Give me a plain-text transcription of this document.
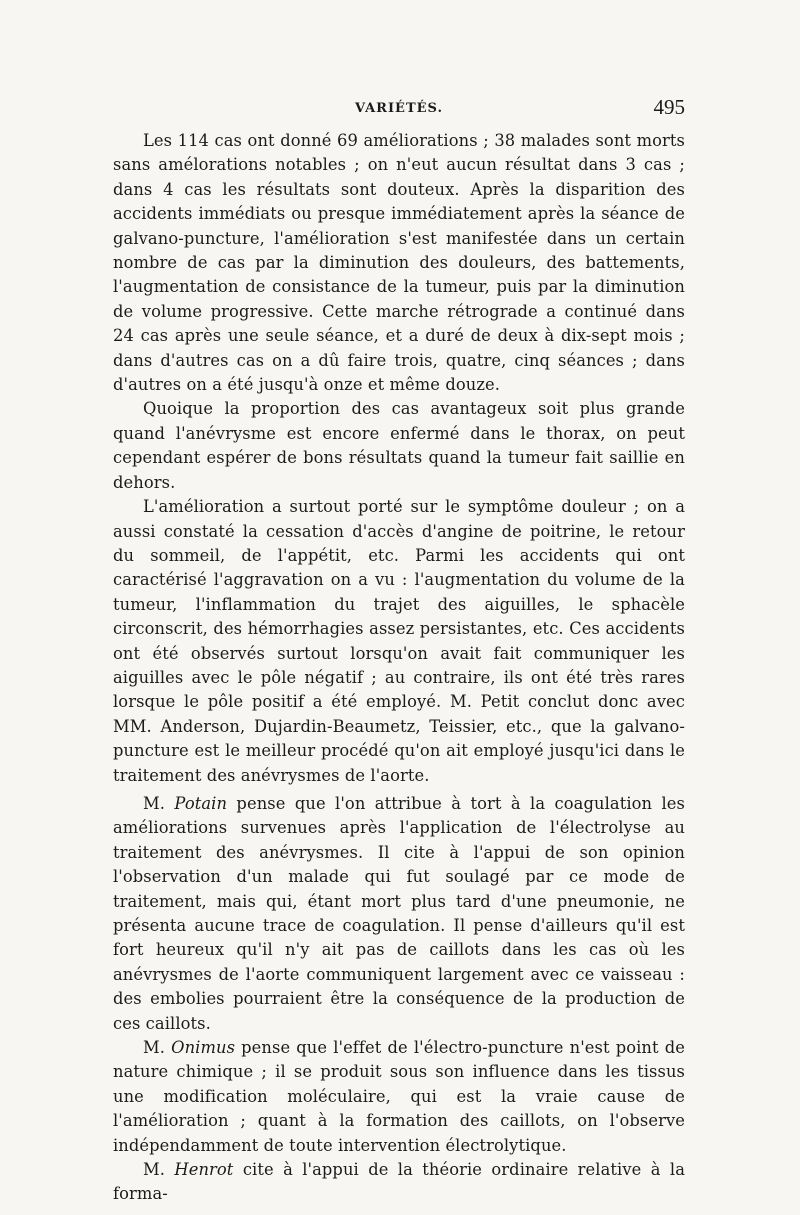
VARIÉTÉS.	495

Les 114 cas ont donné 69 améliorations ; 38 malades sont morts sans amélorations notables ; on n'eut aucun résultat dans 3 cas ; dans 4 cas les résultats sont douteux. Après la disparition des accidents immédiats ou presque immédiatement après la séance de galvano-puncture, l'amélioration s'est manifestée dans un certain nombre de cas par la diminution des douleurs, des battements, l'augmentation de consistance de la tumeur, puis par la diminution de volume progressive. Cette marche rétrograde a continué dans 24 cas après une seule séance, et a duré de deux à dix-sept mois ; dans d'autres cas on a dû faire trois, quatre, cinq séances ; dans d'autres on a été jusqu'à onze et même douze.

Quoique la proportion des cas avantageux soit plus grande quand l'anévrysme est encore enfermé dans le thorax, on peut cependant espérer de bons résultats quand la tumeur fait saillie en dehors.

L'amélioration a surtout porté sur le symptôme douleur ; on a aussi constaté la cessation d'accès d'angine de poitrine, le retour du sommeil, de l'appétit, etc. Parmi les accidents qui ont caractérisé l'aggravation on a vu : l'augmentation du volume de la tumeur, l'inflammation du trajet des aiguilles, le sphacèle circonscrit, des hémorrhagies assez persistantes, etc. Ces accidents ont été observés surtout lorsqu'on avait fait communiquer les aiguilles avec le pôle négatif ; au contraire, ils ont été très rares lorsque le pôle positif a été employé. M. Petit conclut donc avec MM. Anderson, Dujardin-Beaumetz, Teissier, etc., que la galvano-puncture est le meilleur procédé qu'on ait employé jusqu'ici dans le traitement des anévrysmes de l'aorte.

M. Potain pense que l'on attribue à tort à la coagulation les améliorations survenues après l'application de l'électrolyse au traitement des anévrysmes. Il cite à l'appui de son opinion l'observation d'un malade qui fut soulagé par ce mode de traitement, mais qui, étant mort plus tard d'une pneumonie, ne présenta aucune trace de coagulation. Il pense d'ailleurs qu'il est fort heureux qu'il n'y ait pas de caillots dans les cas où les anévrysmes de l'aorte communiquent largement avec ce vaisseau : des embolies pourraient être la conséquence de la production de ces caillots.

M. Onimus pense que l'effet de l'électro-puncture n'est point de nature chimique ; il se produit sous son influence dans les tissus une modification moléculaire, qui est la vraie cause de l'amélioration ; quant à la formation des caillots, on l'observe indépendamment de toute intervention électrolytique.

M. Henrot cite à l'appui de la théorie ordinaire relative à la forma-
